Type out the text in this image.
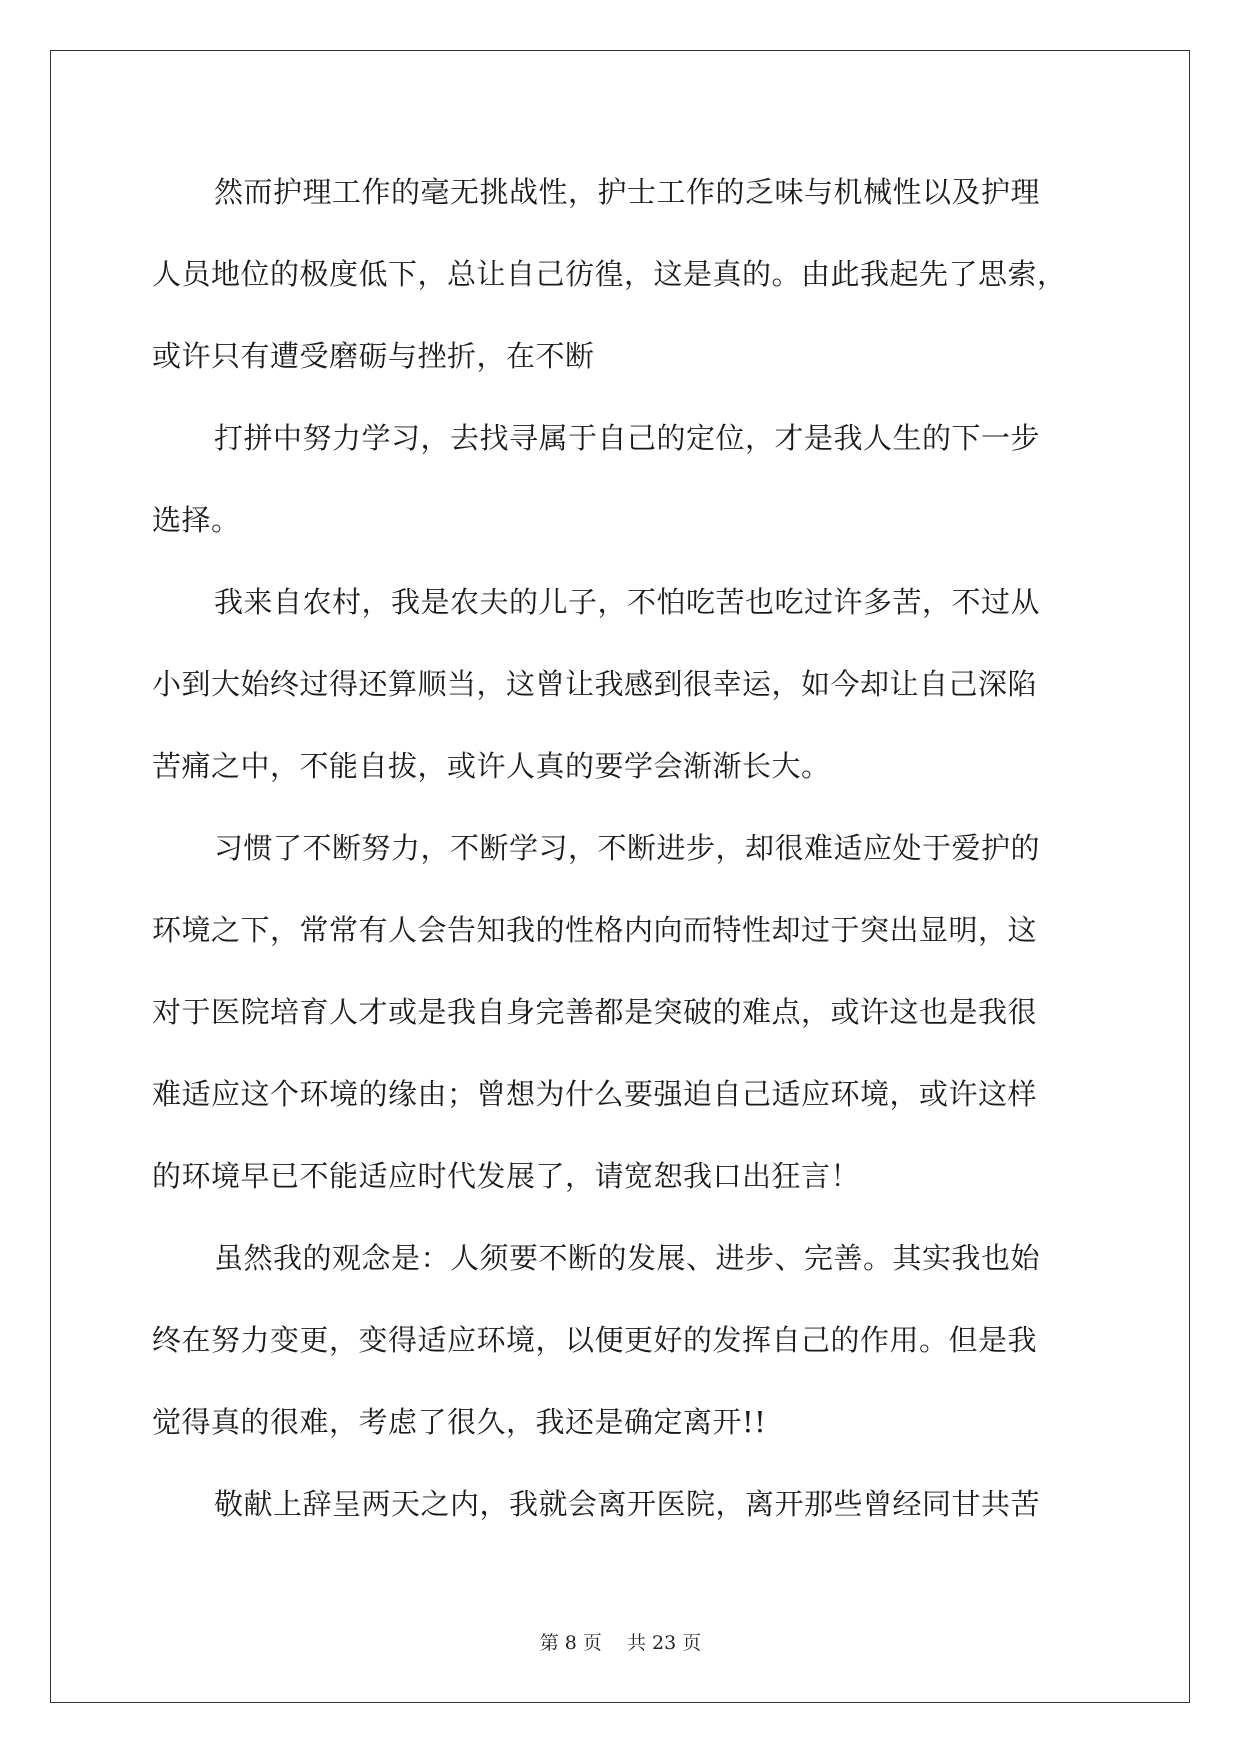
然而护理工作的毫无挑战性，护士工作的乏味与机械性以及护理
人员地位的极度低下，总让自己彷徨，这是真的。由此我起先了思索，
或许只有遭受磨砺与挫折，在不断
打拼中努力学习，去找寻属于自己的定位，才是我人生的下一步
选择。
我来自农村，我是农夫的儿子，不怕吃苦也吃过许多苦，不过从
小到大始终过得还算顺当，这曾让我感到很幸运，如今却让自己深陷
苦痛之中，不能自拔，或许人真的要学会渐渐长大。
习惯了不断努力，不断学习，不断进步，却很难适应处于爱护的
环境之下，常常有人会告知我的性格内向而特性却过于突出显明，这
对于医院培育人才或是我自身完善都是突破的难点，或许这也是我很
难适应这个环境的缘由；曾想为什么要强迫自己适应环境，或许这样
的环境早已不能适应时代发展了，请宽恕我口出狂言！
虽然我的观念是：人须要不断的发展、进步、完善。其实我也始
终在努力变更，变得适应环境，以便更好的发挥自己的作用。但是我
觉得真的很难，考虑了很久，我还是确定离开!!
敬献上辞呈两天之内，我就会离开医院，离开那些曾经同甘共苦
第 8 页　 共 23 页
